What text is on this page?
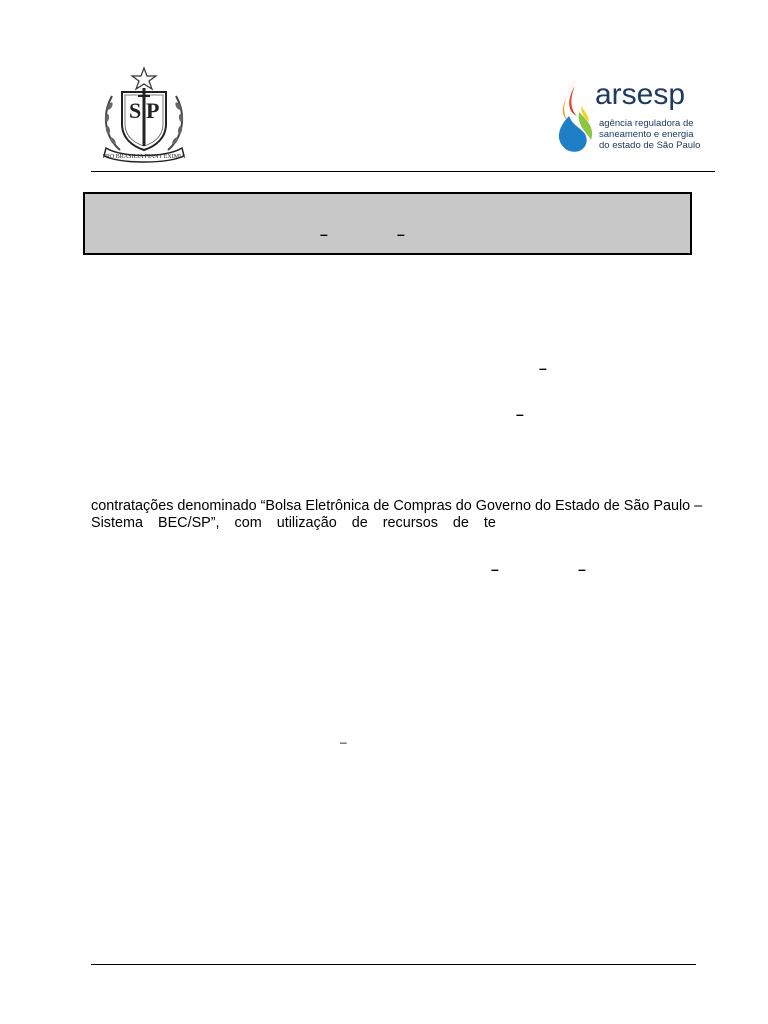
S P
PRO BRASILIA FIANT EXIMIA
arsesp
agência reguladora de
saneamento e energia
do estado de São Paulo
–	–
–
–
contratações denominado “Bolsa Eletrônica de Compras do Governo do Estado de São Paulo –
Sistema  BEC/SP”,  com  utilização  de  recursos  de  te
–	–
–
